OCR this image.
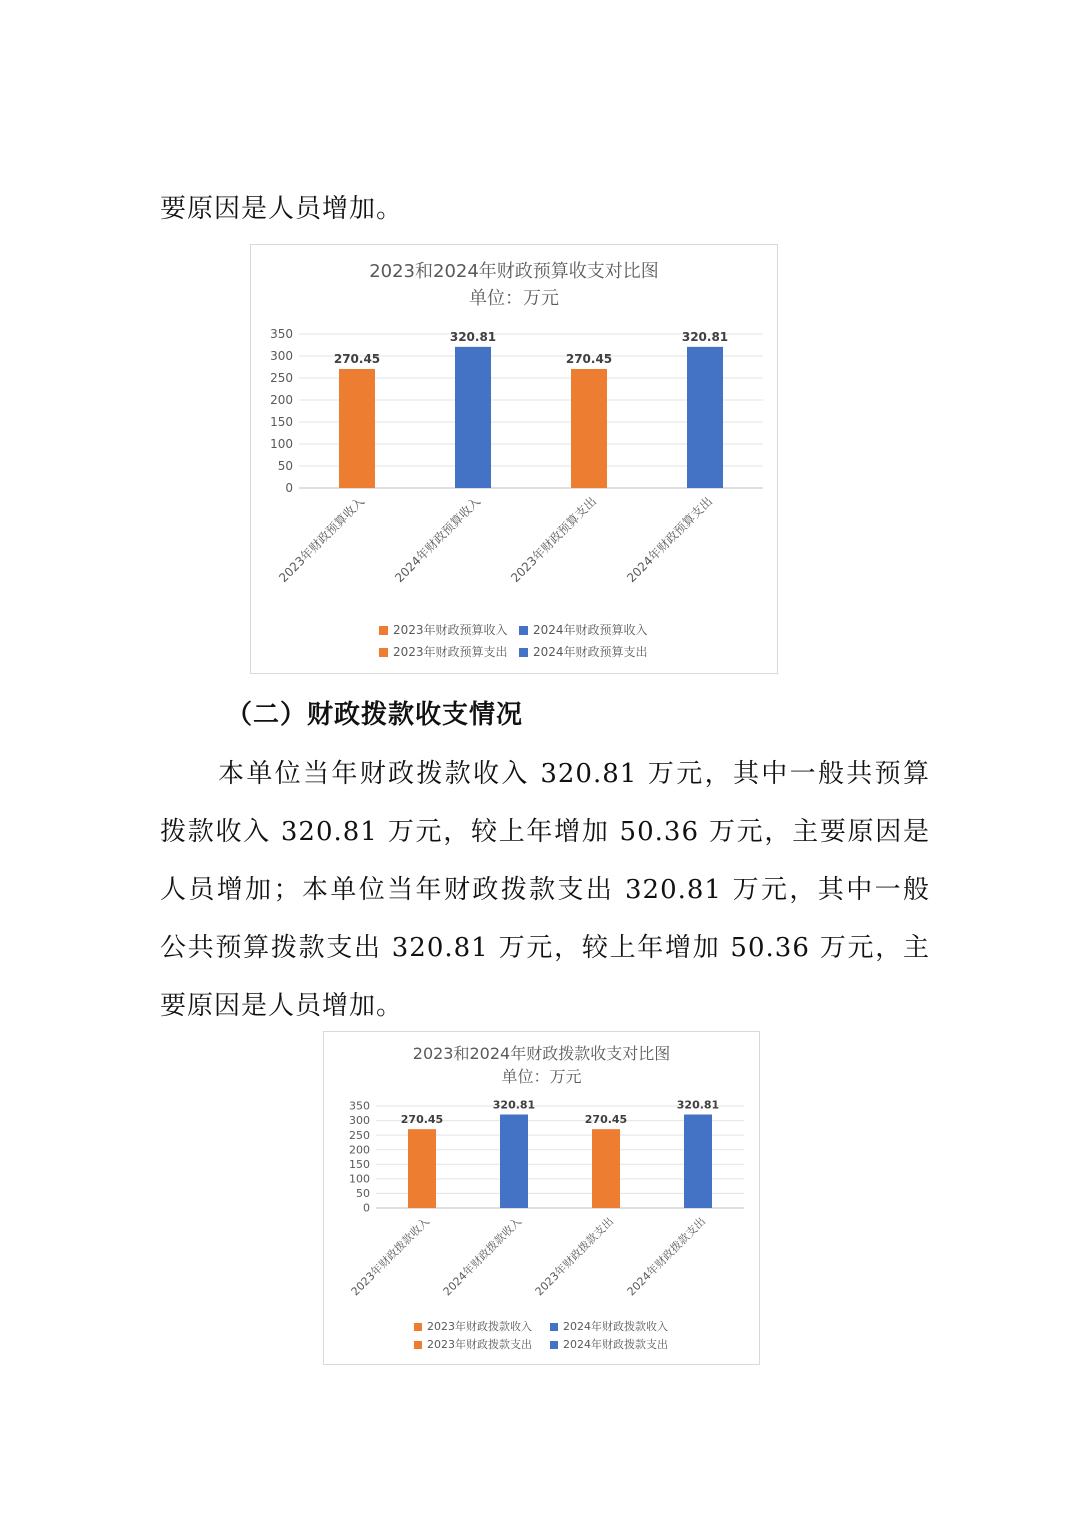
要原因是人员增加。
2023和2024年财政预算收支对比图
单位：万元
0
50
100
150
200
250
300
350
270.45
2023年财政预算收入
320.81
2024年财政预算收入
270.45
2023年财政预算支出
320.81
2024年财政预算支出
2023年财政预算收入 2024年财政预算收入
2023年财政预算支出 2024年财政预算支出
（二）财政拨款收支情况
本单位当年财政拨款收入 320.81 万元，其中一般共预算
拨款收入 320.81 万元，较上年增加 50.36 万元，主要原因是
人员增加；本单位当年财政拨款支出 320.81 万元，其中一般
公共预算拨款支出 320.81 万元，较上年增加 50.36 万元，主
要原因是人员增加。
2023和2024年财政拨款收支对比图
单位：万元
0
50
100
150
200
250
300
350
270.45
2023年财政拨款收入
320.81
2024年财政拨款收入
270.45
2023年财政拨款支出
320.81
2024年财政拨款支出
2023年财政拨款收入	2024年财政拨款收入
2023年财政拨款支出	2024年财政拨款支出
